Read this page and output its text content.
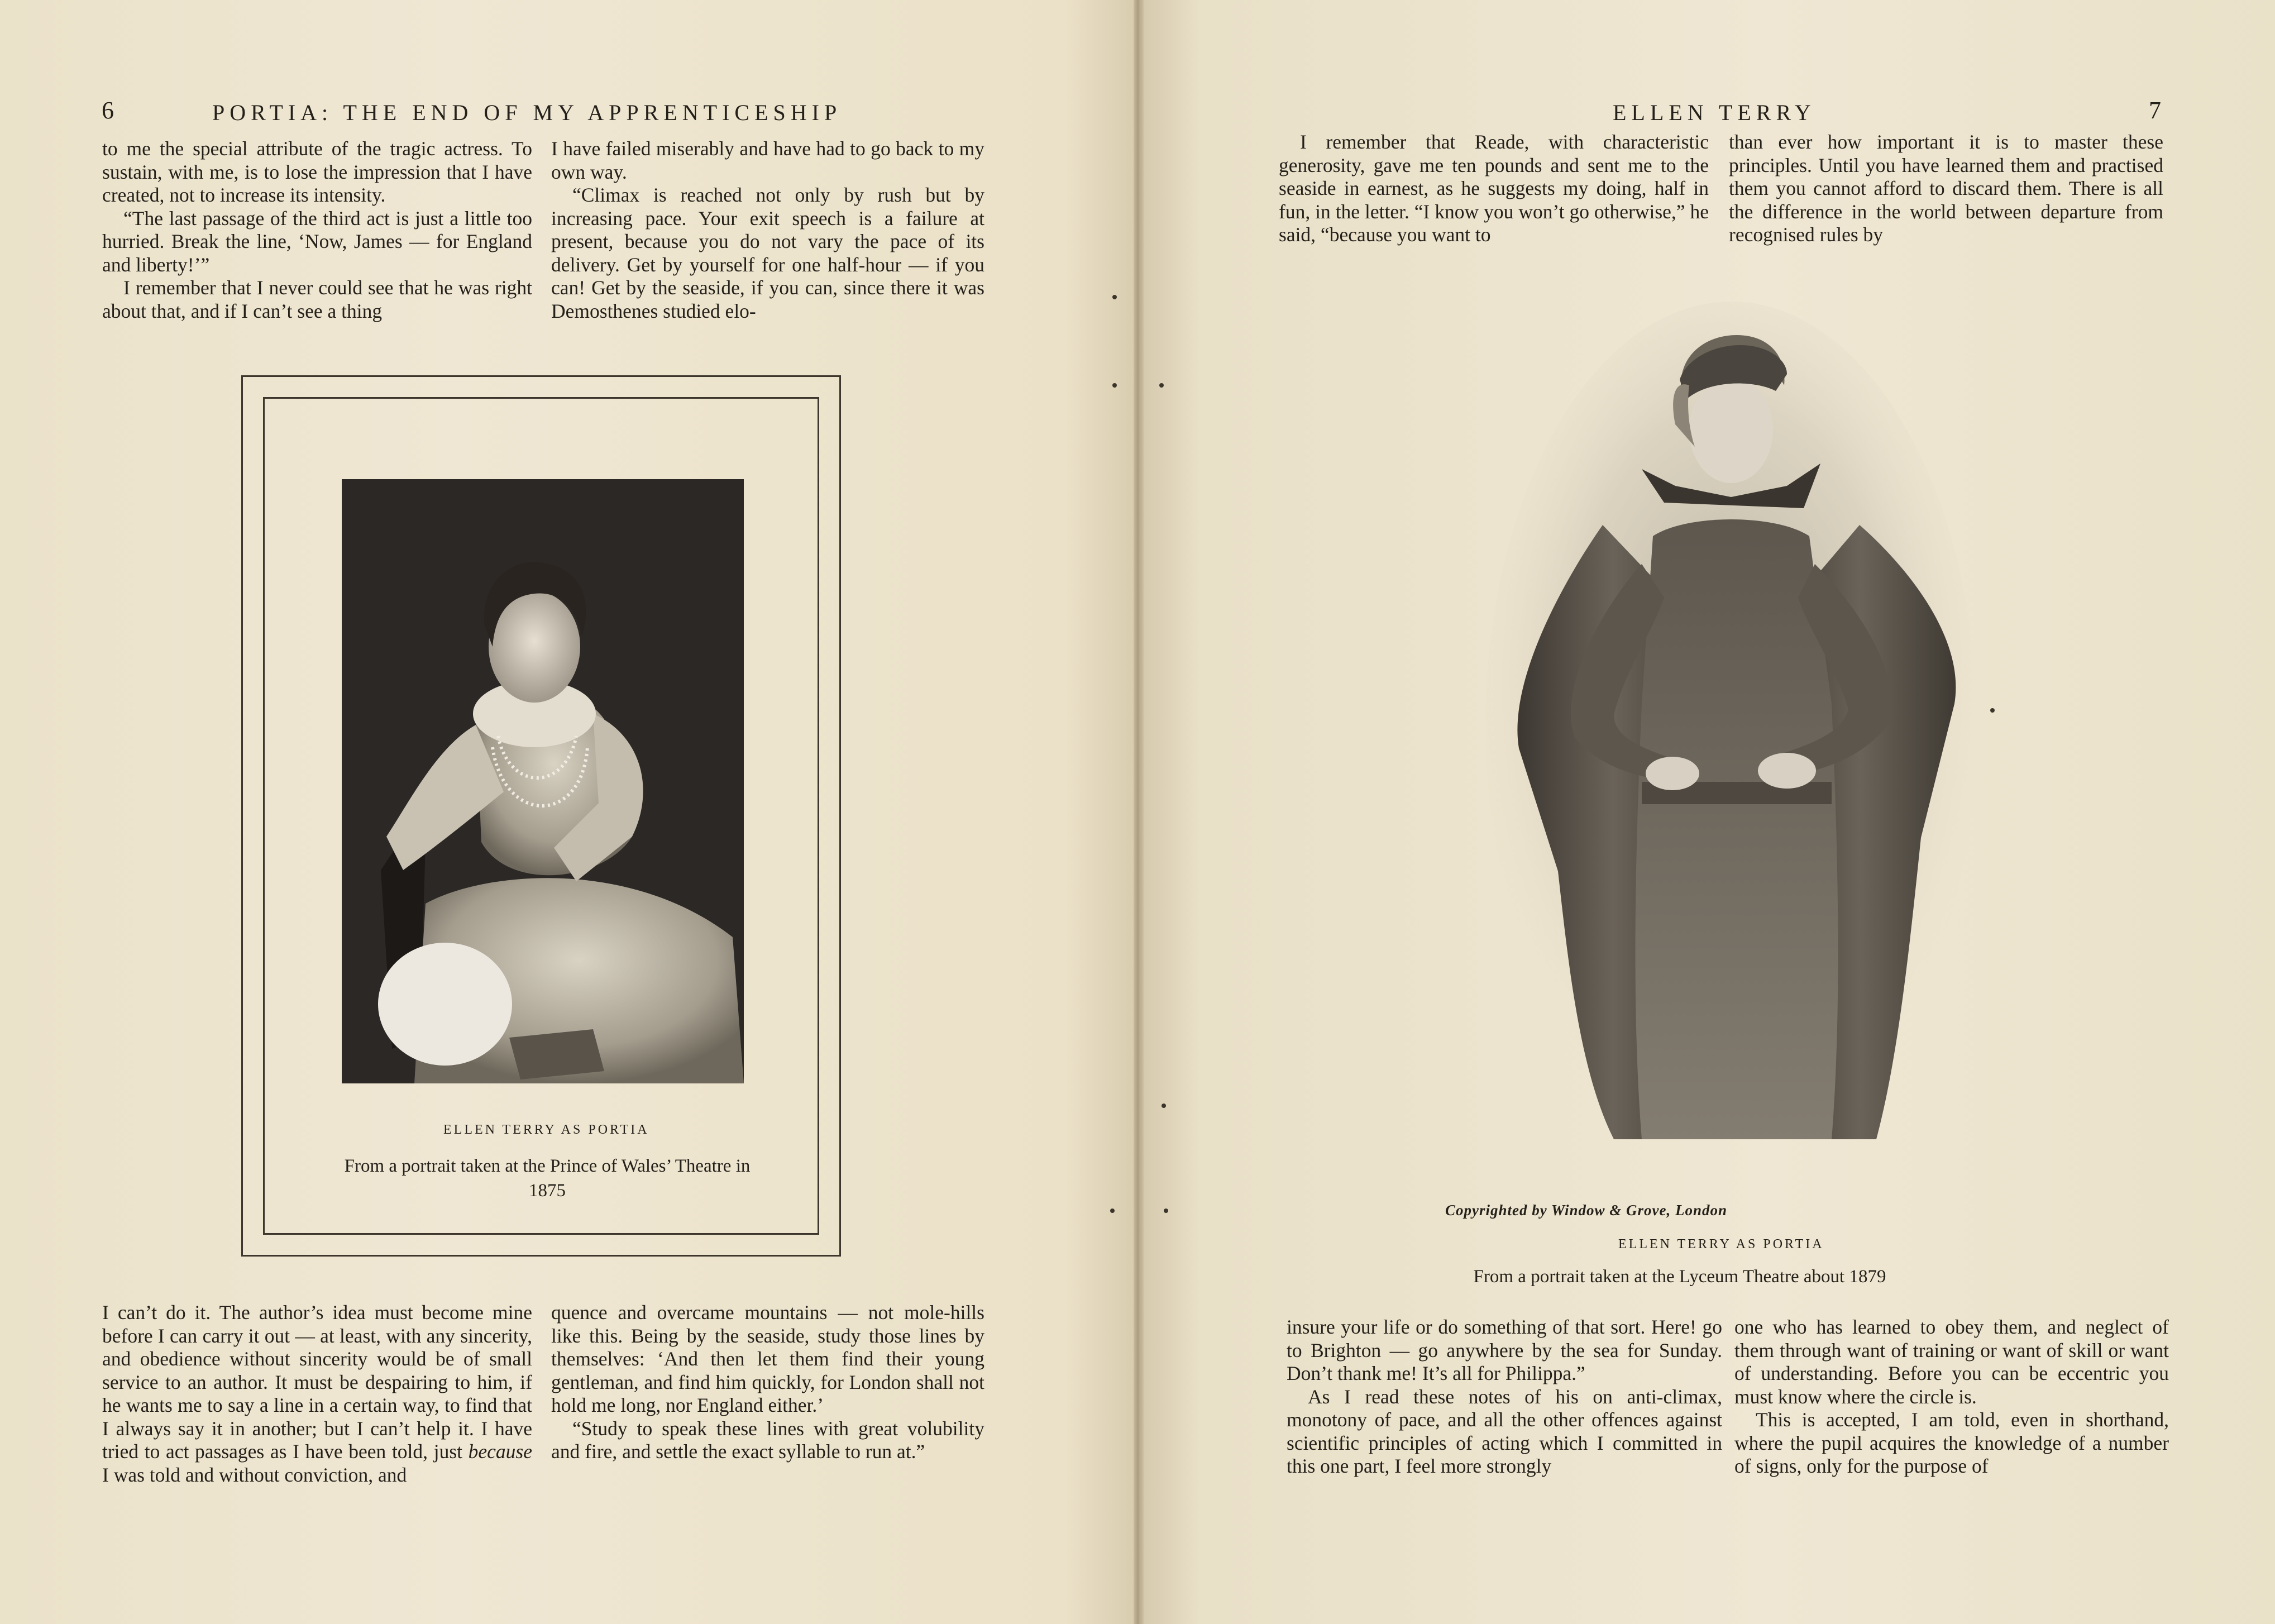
6	PORTIA: THE END OF MY APPRENTICESHIP

to me the special attribute of the tragic actress. To sustain, with me, is to lose the impression that I have created, not to increase its intensity.

“The last passage of the third act is just a little too hurried. Break the line, ‘Now, James — for England and liberty!’”

I remember that I never could see that he was right about that, and if I can’t see a thing

I have failed miserably and have had to go back to my own way.

“Climax is reached not only by rush but by increasing pace. Your exit speech is a failure at present, because you do not vary the pace of its delivery. Get by yourself for one half-hour — if you can! Get by the seaside, if you can, since there it was Demosthenes studied elo-

ELLEN TERRY AS PORTIA
From a portrait taken at the Prince of Wales’ Theatre in 1875

I can’t do it. The author’s idea must become mine before I can carry it out — at least, with any sincerity, and obedience without sincerity would be of small service to an author. It must be despairing to him, if he wants me to say a line in a certain way, to find that I always say it in another; but I can’t help it. I have tried to act passages as I have been told, just because I was told and without conviction, and

quence and overcame mountains — not mole-hills like this. Being by the seaside, study those lines by themselves: ‘And then let them find their young gentleman, and find him quickly, for London shall not hold me long, nor England either.’

“Study to speak these lines with great volubility and fire, and settle the exact syllable to run at.”

ELLEN TERRY	7

I remember that Reade, with characteristic generosity, gave me ten pounds and sent me to the seaside in earnest, as he suggests my doing, half in fun, in the letter. “I know you won’t go otherwise,” he said, “because you want to

than ever how important it is to master these principles. Until you have learned them and practised them you cannot afford to discard them. There is all the difference in the world between departure from recognised rules by

ELLEN TERRY AS PORTIA
Copyrighted by Window & Grove, London
From a portrait taken at the Lyceum Theatre about 1879

insure your life or do something of that sort. Here! go to Brighton — go anywhere by the sea for Sunday. Don’t thank me! It’s all for Philippa.”

As I read these notes of his on anti-climax, monotony of pace, and all the other offences against scientific principles of acting which I committed in this one part, I feel more strongly

one who has learned to obey them, and neglect of them through want of training or want of skill or want of understanding. Before you can be eccentric you must know where the circle is.

This is accepted, I am told, even in shorthand, where the pupil acquires the knowledge of a number of signs, only for the purpose of
